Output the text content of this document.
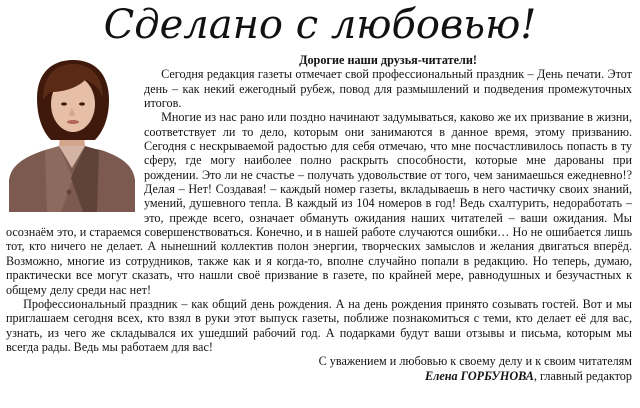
Сделано с любовью!

Дорогие наши друзья-читатели!

Сегодня редакция газеты отмечает свой профессиональный праздник – День печати. Этот день – как некий ежегодный рубеж, повод для размышлений и подведения промежуточных итогов.

Многие из нас рано или поздно начинают задумываться, каково же их призвание в жизни, соответствует ли то дело, которым они занимаются в данное время, этому призванию. Сегодня с нескрываемой радостью для себя отмечаю, что мне посчастливилось попасть в ту сферу, где могу наиболее полно раскрыть способности, которые мне дарованы при рождении. Это ли не счастье – получать удовольствие от того, чем занимаешься ежедневно!? Делая – Нет! Создавая! – каждый номер газеты, вкладываешь в него частичку своих знаний, умений, душевного тепла. В каждый из 104 номеров в год! Ведь схалтурить, недоработать – это, прежде всего, означает обмануть ожидания наших читателей – ваши ожидания. Мы осознаём это, и стараемся совершенствоваться. Конечно, и в нашей работе случаются ошибки… Но не ошибается лишь тот, кто ничего не делает. А нынешний коллектив полон энергии, творческих замыслов и желания двигаться вперёд. Возможно, многие из сотрудников, также как и я когда-то, вполне случайно попали в редакцию. Но теперь, думаю, практически все могут сказать, что нашли своё призвание в газете, по крайней мере, равнодушных и безучастных к общему делу среди нас нет!

Профессиональный праздник – как общий день рождения. А на день рождения принято созывать гостей. Вот и мы приглашаем сегодня всех, кто взял в руки этот выпуск газеты, поближе познакомиться с теми, кто делает её для вас, узнать, из чего же складывался их ушедший рабочий год. А подарками будут ваши отзывы и письма, которым мы всегда рады. Ведь мы работаем для вас!

С уважением и любовью к своему делу и к своим читателям

Елена ГОРБУНОВА, главный редактор
